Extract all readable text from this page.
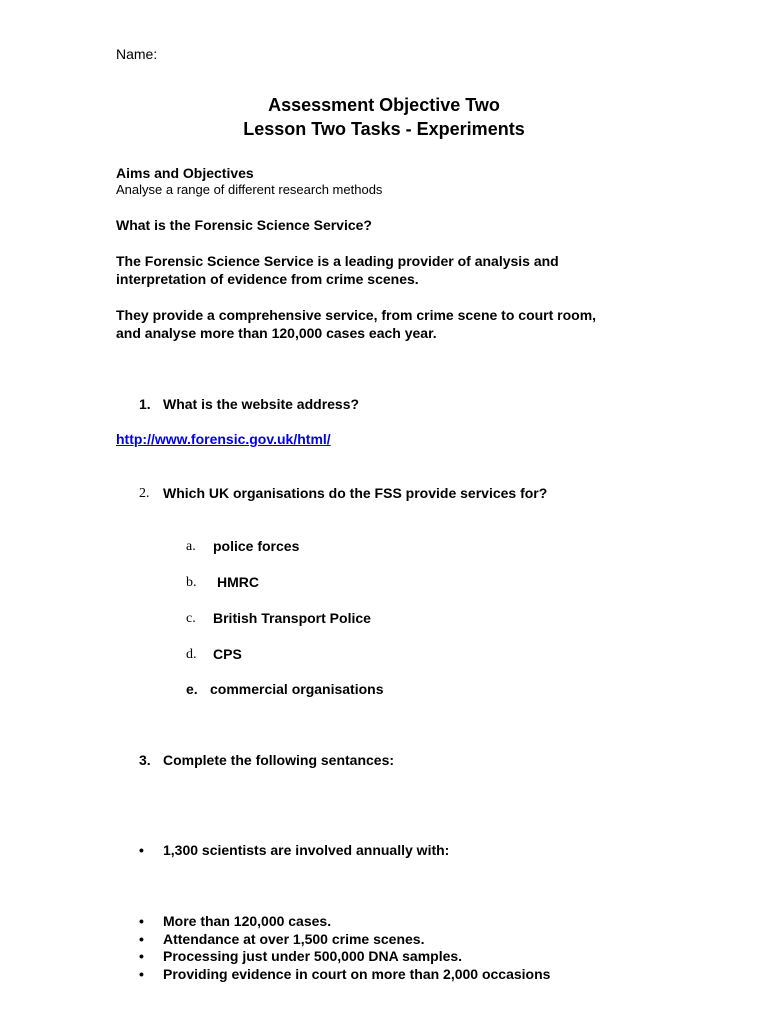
Name:
Assessment Objective Two
Lesson Two Tasks - Experiments
Aims and Objectives
Analyse a range of different research methods
What is the Forensic Science Service?
The Forensic Science Service is a leading provider of analysis and
interpretation of evidence from crime scenes.
They provide a comprehensive service, from crime scene to court room,
and analyse more than 120,000 cases each year.
1. What is the website address?
http://www.forensic.gov.uk/html/
2. Which UK organisations do the FSS provide services for?
a. police forces
b. HMRC
c. British Transport Police
d. CPS
e. commercial organisations
3. Complete the following sentances:
• 1,300 scientists are involved annually with:
• More than 120,000 cases.
• Attendance at over 1,500 crime scenes.
• Processing just under 500,000 DNA samples.
• Providing evidence in court on more than 2,000 occasions
